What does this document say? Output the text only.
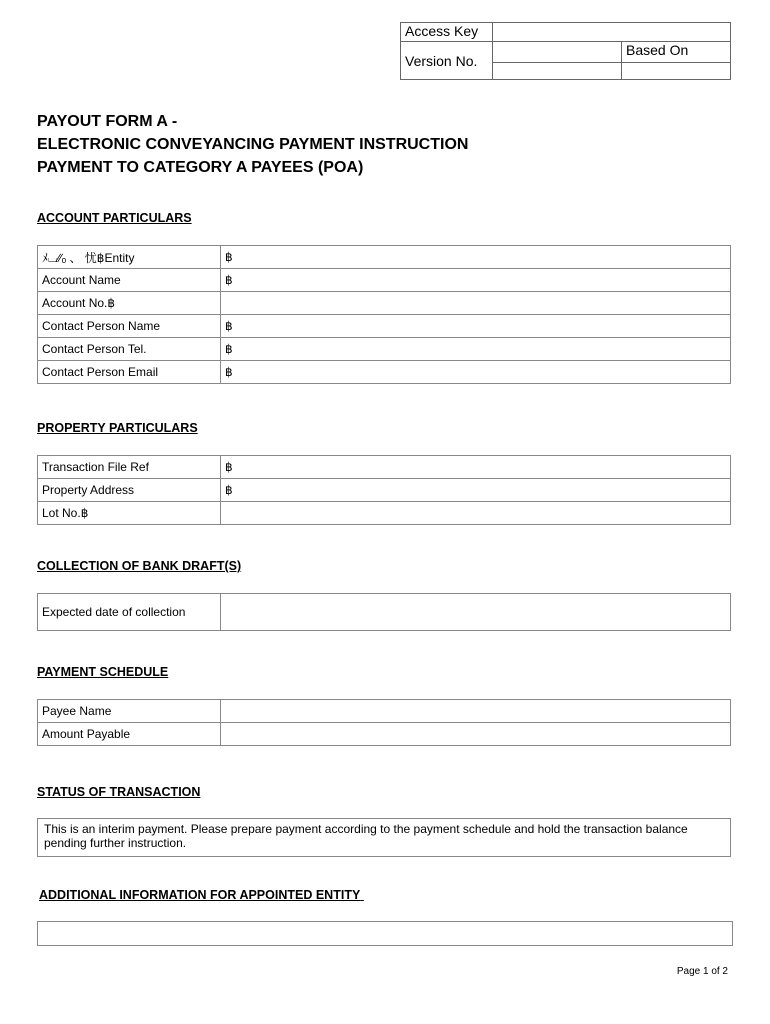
Access Key	
Version No.	
	Based On

PAYOUT FORM A -
ELECTRONIC CONVEYANCING PAYMENT INSTRUCTION
PAYMENT TO CATEGORY A PAYEES (POA)
ACCOUNT PARTICULARS
ﾒ⌴∕∕ₒ 、 忧฿Entity	฿
Account Name	฿
Account No.฿	
Contact Person Name	฿
Contact Person Tel.	฿
Contact Person Email	฿
PROPERTY PARTICULARS
Transaction File Ref	฿
Property Address	฿
Lot No.฿	
COLLECTION OF BANK DRAFT(S)
Expected date of collection	
PAYMENT SCHEDULE
Payee Name	
Amount Payable	
STATUS OF TRANSACTION
This is an interim payment. Please prepare payment according to the payment schedule and hold the transaction balance pending further instruction.
ADDITIONAL INFORMATION FOR APPOINTED ENTITY
Page 1 of 2
